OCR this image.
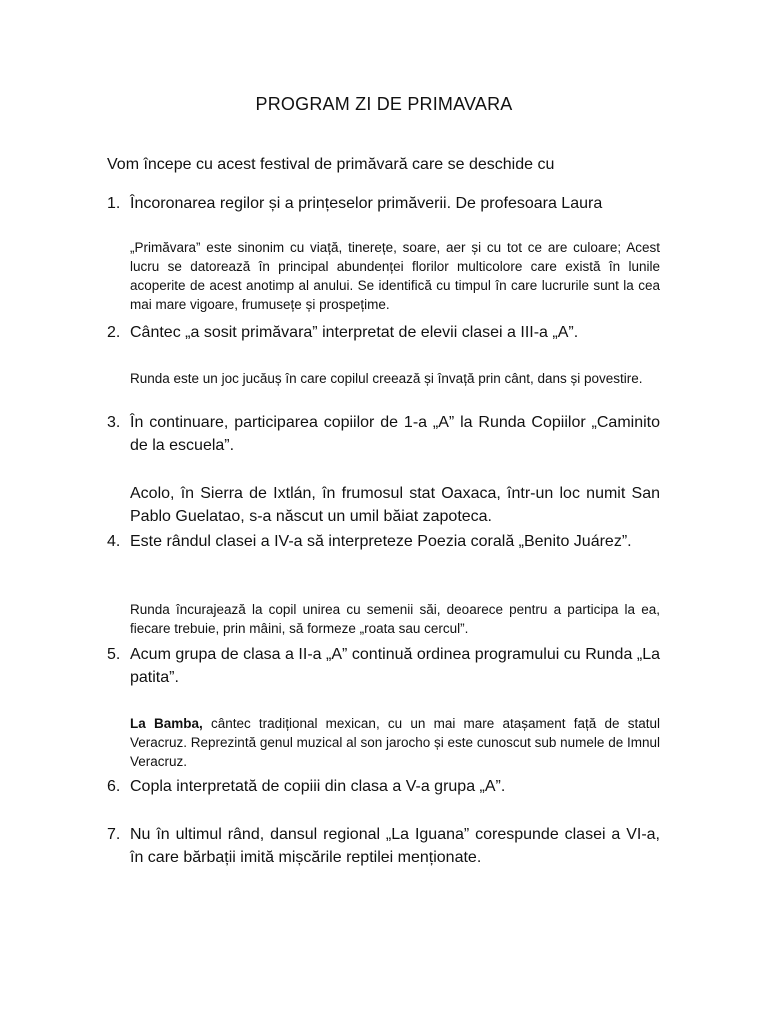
PROGRAM ZI DE PRIMAVARA
Vom începe cu acest festival de primăvară care se deschide cu
1. Încoronarea regilor și a prințeselor primăverii. De profesoara Laura
„Primăvara” este sinonim cu viață, tinerețe, soare, aer și cu tot ce are culoare; Acest lucru se datorează în principal abundenței florilor multicolore care există în lunile acoperite de acest anotimp al anului. Se identifică cu timpul în care lucrurile sunt la cea mai mare vigoare, frumusețe și prospețime.
2. Cântec „a sosit primăvara” interpretat de elevii clasei a III-a „A”.
Runda este un joc jucăuș în care copilul creează și învață prin cânt, dans și povestire.
3. În continuare, participarea copiilor de 1-a „A” la Runda Copiilor „Caminito de la escuela”.
Acolo, în Sierra de Ixtlán, în frumosul stat Oaxaca, într-un loc numit San Pablo Guelatao, s-a născut un umil băiat zapoteca.
4. Este rândul clasei a IV-a să interpreteze Poezia corală „Benito Juárez”.
Runda încurajează la copil unirea cu semenii săi, deoarece pentru a participa la ea, fiecare trebuie, prin mâini, să formeze „roata sau cercul”.
5. Acum grupa de clasa a II-a „A” continuă ordinea programului cu Runda „La patita”.
La Bamba, cântec tradițional mexican, cu un mai mare atașament față de statul Veracruz. Reprezintă genul muzical al son jarocho și este cunoscut sub numele de Imnul Veracruz.
6. Copla interpretată de copiii din clasa a V-a grupa „A”.
7. Nu în ultimul rând, dansul regional „La Iguana” corespunde clasei a VI-a, în care bărbații imită mișcările reptilei menționate.
